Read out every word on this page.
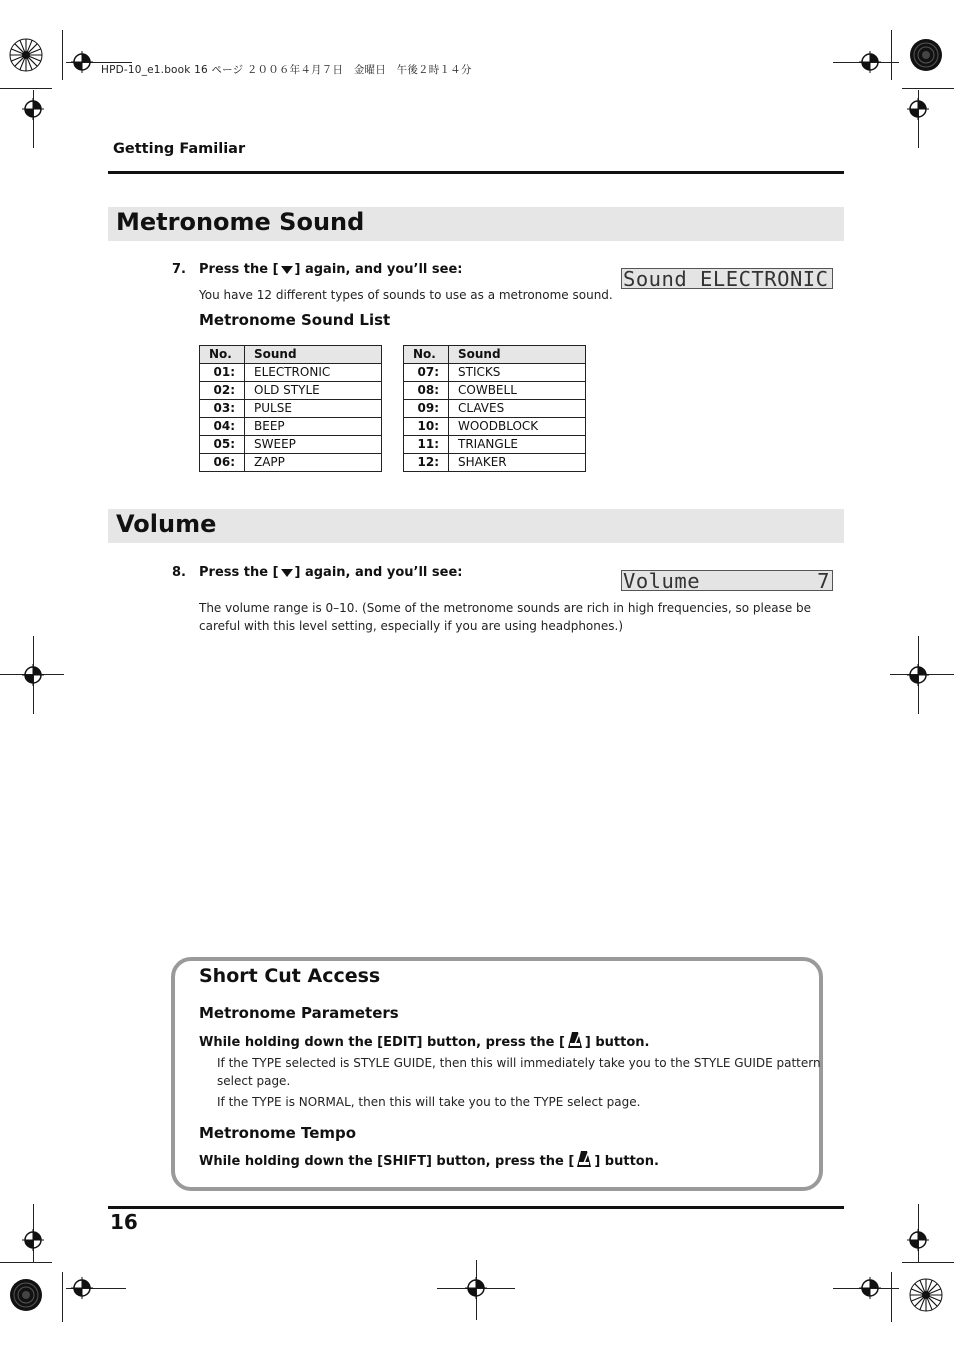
HPD-10_e1.book 16 ページ ２００６年４月７日　金曜日　午後２時１４分
Getting Familiar
Metronome Sound
7. Press the [ ] again, and you’ll see:	Sound ELECTRONIC
You have 12 different types of sounds to use as a metronome sound.
Metronome Sound List
No.	Sound
01:	ELECTRONIC
02:	OLD STYLE
03:	PULSE
04:	BEEP
05:	SWEEP
06:	ZAPP
No.	Sound
07:	STICKS
08:	COWBELL
09:	CLAVES
10:	WOODBLOCK
11:	TRIANGLE
12:	SHAKER
Volume
8. Press the [ ] again, and you’ll see:	Volume	7
The volume range is 0–10. (Some of the metronome sounds are rich in high frequencies, so please be
careful with this level setting, especially if you are using headphones.)
Short Cut Access
Metronome Parameters
While holding down the [EDIT] button, press the [ ] button.
If the TYPE selected is STYLE GUIDE, then this will immediately take you to the STYLE GUIDE pattern
select page.
If the TYPE is NORMAL, then this will take you to the TYPE select page.
Metronome Tempo
While holding down the [SHIFT] button, press the [ ] button.
16
